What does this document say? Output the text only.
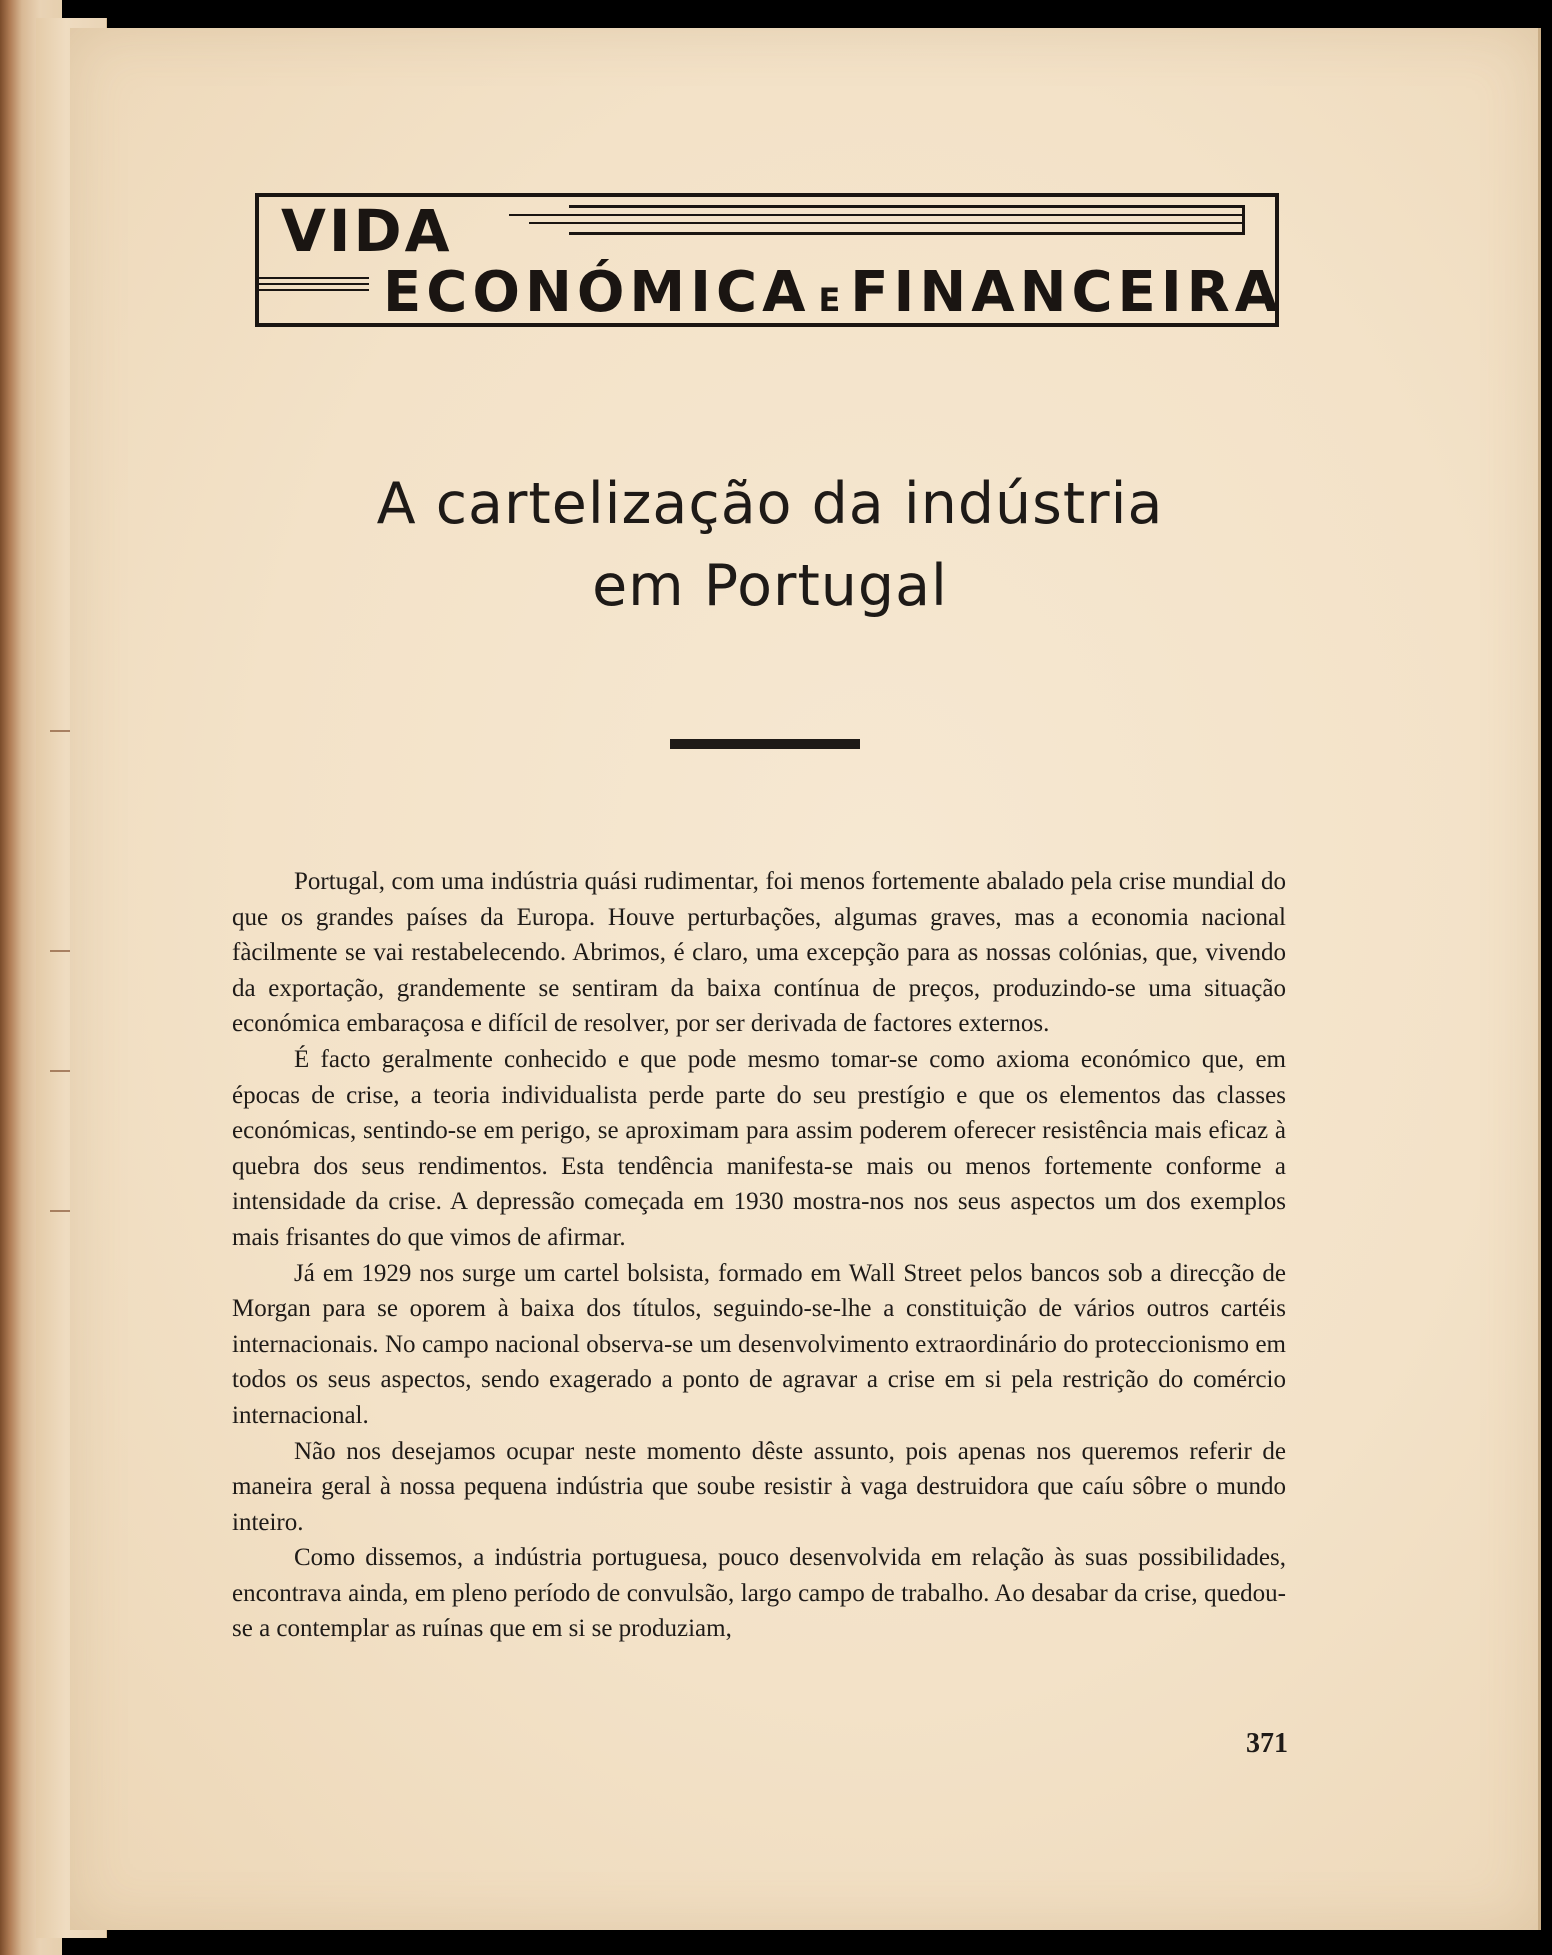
VIDA
ECONÓMICA E FINANCEIRA
A cartelização da indústria
em Portugal

Portugal, com uma indústria quási rudimentar, foi menos fortemente abalado pela crise mundial do que os grandes países da Europa. Houve perturbações, algumas graves, mas a economia nacional fàcilmente se vai restabelecendo. Abrimos, é claro, uma excepção para as nossas colónias, que, vivendo da exportação, grandemente se sentiram da baixa contínua de preços, produzindo-se uma situação económica embaraçosa e difícil de resolver, por ser derivada de factores externos.

É facto geralmente conhecido e que pode mesmo tomar-se como axioma económico que, em épocas de crise, a teoria individualista perde parte do seu prestígio e que os elementos das classes económicas, sentindo-se em perigo, se aproximam para assim poderem oferecer resistência mais eficaz à quebra dos seus rendimentos. Esta tendência manifesta-se mais ou menos fortemente conforme a intensidade da crise. A depressão começada em 1930 mostra-nos nos seus aspectos um dos exemplos mais frisantes do que vimos de afirmar.

Já em 1929 nos surge um cartel bolsista, formado em Wall Street pelos bancos sob a direcção de Morgan para se oporem à baixa dos títulos, seguindo-se-lhe a constituição de vários outros cartéis internacionais. No campo nacional observa-se um desenvolvimento extraordinário do proteccionismo em todos os seus aspectos, sendo exagerado a ponto de agravar a crise em si pela restrição do comércio internacional.

Não nos desejamos ocupar neste momento dêste assunto, pois apenas nos queremos referir de maneira geral à nossa pequena indústria que soube resistir à vaga destruidora que caíu sôbre o mundo inteiro.

Como dissemos, a indústria portuguesa, pouco desenvolvida em relação às suas possibilidades, encontrava ainda, em pleno período de convulsão, largo campo de trabalho. Ao desabar da crise, quedou-se a contemplar as ruínas que em si se produziam,

371
